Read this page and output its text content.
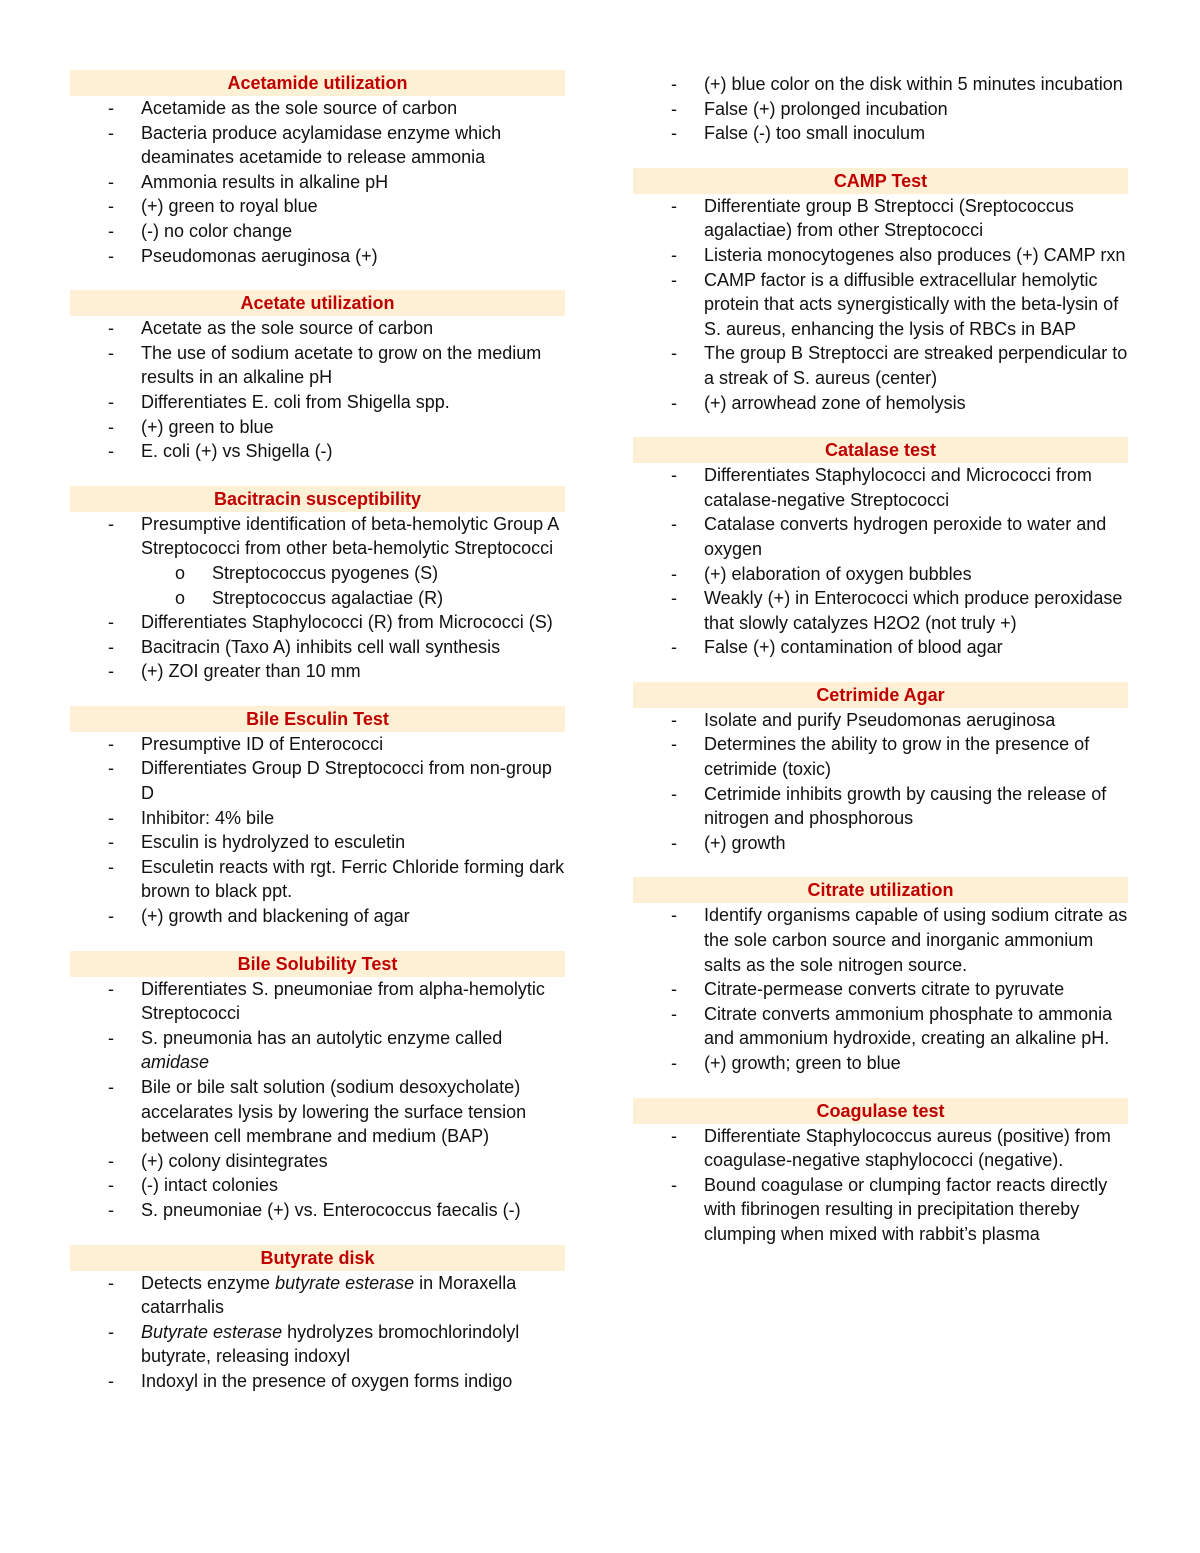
Acetamide utilization
-	Acetamide as the sole source of carbon
-	Bacteria produce acylamidase enzyme which deaminates acetamide to release ammonia
-	Ammonia results in alkaline pH
-	(+) green to royal blue
-	(-) no color change
-	Pseudomonas aeruginosa (+)
Acetate utilization
-	Acetate as the sole source of carbon
-	The use of sodium acetate to grow on the medium results in an alkaline pH
-	Differentiates E. coli from Shigella spp.
-	(+) green to blue
-	E. coli (+) vs Shigella (-)
Bacitracin susceptibility
-	Presumptive identification of beta-hemolytic Group A Streptococci from other beta-hemolytic Streptococci
o Streptococcus pyogenes (S)
o Streptococcus agalactiae (R)
-	Differentiates Staphylococci (R) from Micrococci (S)
-	Bacitracin (Taxo A) inhibits cell wall synthesis
-	(+) ZOI greater than 10 mm
Bile Esculin Test
-	Presumptive ID of Enterococci
-	Differentiates Group D Streptococci from non-group D
-	Inhibitor: 4% bile
-	Esculin is hydrolyzed to esculetin
-	Esculetin reacts with rgt. Ferric Chloride forming dark brown to black ppt.
-	(+) growth and blackening of agar
Bile Solubility Test
-	Differentiates S. pneumoniae from alpha-hemolytic Streptococci
-	S. pneumonia has an autolytic enzyme called amidase
-	Bile or bile salt solution (sodium desoxycholate) accelarates lysis by lowering the surface tension between cell membrane and medium (BAP)
-	(+) colony disintegrates
-	(-) intact colonies
-	S. pneumoniae (+) vs. Enterococcus faecalis (-)
Butyrate disk
-	Detects enzyme butyrate esterase in Moraxella catarrhalis
-	Butyrate esterase hydrolyzes bromochlorindolyl butyrate, releasing indoxyl
-	Indoxyl in the presence of oxygen forms indigo
-	(+) blue color on the disk within 5 minutes incubation
-	False (+) prolonged incubation
-	False (-) too small inoculum
CAMP Test
-	Differentiate group B Streptocci (Sreptococcus agalactiae) from other Streptococci
-	Listeria monocytogenes also produces (+) CAMP rxn
-	CAMP factor is a diffusible extracellular hemolytic protein that acts synergistically with the beta-lysin of S. aureus, enhancing the lysis of RBCs in BAP
-	The group B Streptocci are streaked perpendicular to a streak of S. aureus (center)
-	(+) arrowhead zone of hemolysis
Catalase test
-	Differentiates Staphylococci and Micrococci from catalase-negative Streptococci
-	Catalase converts hydrogen peroxide to water and oxygen
-	(+) elaboration of oxygen bubbles
-	Weakly (+) in Enterococci which produce peroxidase that slowly catalyzes H2O2 (not truly +)
-	False (+) contamination of blood agar
Cetrimide Agar
-	Isolate and purify Pseudomonas aeruginosa
-	Determines the ability to grow in the presence of cetrimide (toxic)
-	Cetrimide inhibits growth by causing the release of nitrogen and phosphorous
-	(+) growth
Citrate utilization
-	Identify organisms capable of using sodium citrate as the sole carbon source and inorganic ammonium salts as the sole nitrogen source.
-	Citrate-permease converts citrate to pyruvate
-	Citrate converts ammonium phosphate to ammonia and ammonium hydroxide, creating an alkaline pH.
-	(+) growth; green to blue
Coagulase test
-	Differentiate Staphylococcus aureus (positive) from coagulase-negative staphylococci (negative).
-	Bound coagulase or clumping factor reacts directly with fibrinogen resulting in precipitation thereby clumping when mixed with rabbit’s plasma
